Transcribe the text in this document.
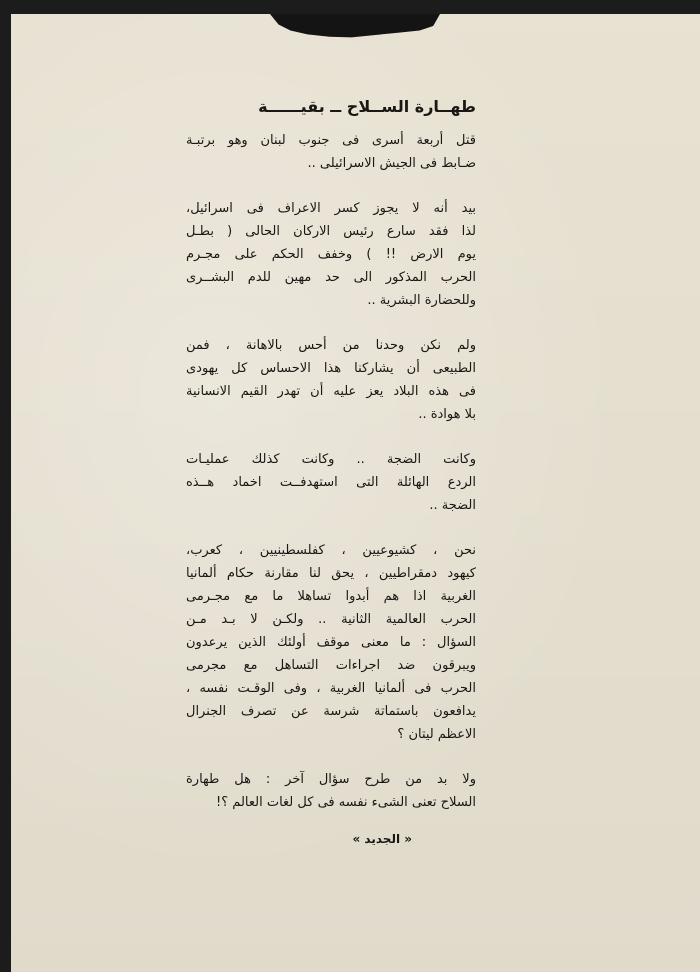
طهــارة الســلاح ــ بقيــــــة
قتل أربعة أسرى فى جنوب لبنان وهو برتبـة
ضـابط فى الجيش الاسرائيلى ..
بيد أنه لا يجوز كسر الاعراف فى اسرائيل،
لذا فقد سارع رئيس الاركان الحالى ( بطـل
يوم الارض !! ) وخفف الحكم على مجـرم
الحرب المذكور الى حد مهين للدم البشــرى
وللحضارة البشرية ..
ولم نكن وحدنا من أحس بالاهانة ، فمن
الطبيعى أن يشاركنا هذا الاحساس كل يهودى
فى هذه البلاد يعز عليه أن تهدر القيم الانسانية
بلا هوادة ..
وكانت الضجة .. وكانت كذلك عمليـات
الردع الهائلة التى استهدفــت اخماد هــذه
الضجة ..
نحن ، كشيوعيين ، كفلسطينيين ، كعرب،
كيهود دمقراطيين ، يحق لنا مقارنة حكام ألمانيا
الغربية اذا هم أبدوا تساهلا ما مع مجـرمى
الحرب العالمية الثانية .. ولكـن لا بـد مـن
السؤال : ما معنى موقف أولئك الذين يرعدون
ويبرقون ضد اجراءات التساهل مع مجرمى
الحرب فى ألمانيا الغربية ، وفى الوقـت نفسه ،
يدافعون باستماتة شرسة عن تصرف الجنرال
الاعظم ليتان ؟
ولا بد من طرح سؤال آخر : هل طهارة
السلاح تعنى الشىء نفسه فى كل لغات العالم ؟!
« الجديد »
